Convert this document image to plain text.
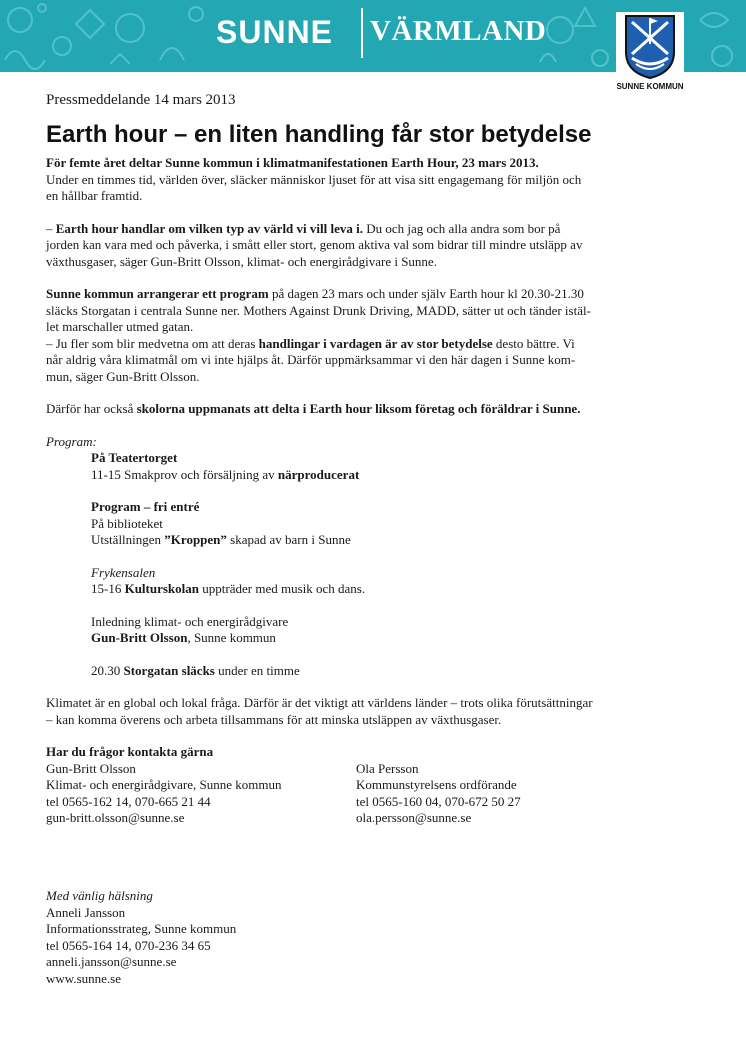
SUNNE VÄRMLAND
SUNNE KOMMUN
Pressmeddelande 14 mars 2013
Earth hour – en liten handling får stor betydelse

För femte året deltar Sunne kommun i klimatmanifestationen Earth Hour, 23 mars 2013.
Under en timmes tid, världen över, släcker människor ljuset för att visa sitt engagemang för miljön och
en hållbar framtid.

– Earth hour handlar om vilken typ av värld vi vill leva i. Du och jag och alla andra som bor på
jorden kan vara med och påverka, i smått eller stort, genom aktiva val som bidrar till mindre utsläpp av
växthusgaser, säger Gun-Britt Olsson, klimat- och energirådgivare i Sunne.

Sunne kommun arrangerar ett program på dagen 23 mars och under själv Earth hour kl 20.30-21.30
släcks Storgatan i centrala Sunne ner. Mothers Against Drunk Driving, MADD, sätter ut och tänder istäl-
let marschaller utmed gatan.
– Ju fler som blir medvetna om att deras handlingar i vardagen är av stor betydelse desto bättre. Vi
når aldrig våra klimatmål om vi inte hjälps åt. Därför uppmärksammar vi den här dagen i Sunne kom-
mun, säger Gun-Britt Olsson.

Därför har också skolorna uppmanats att delta i Earth hour liksom företag och föräldrar i Sunne.

Program:
På Teatertorget
11-15 Smakprov och försäljning av närproducerat
Program – fri entré
På biblioteket
Utställningen ”Kroppen” skapad av barn i Sunne
Frykensalen
15-16 Kulturskolan uppträder med musik och dans.
Inledning klimat- och energirådgivare
Gun-Britt Olsson, Sunne kommun
20.30 Storgatan släcks under en timme

Klimatet är en global och lokal fråga. Därför är det viktigt att världens länder – trots olika förutsättningar
– kan komma överens och arbeta tillsammans för att minska utsläppen av växthusgaser.

Har du frågor kontakta gärna
Gun-Britt Olsson
Klimat- och energirådgivare, Sunne kommun
tel 0565-162 14, 070-665 21 44
gun-britt.olsson@sunne.se
Ola Persson
Kommunstyrelsens ordförande
tel 0565-160 04, 070-672 50 27
ola.persson@sunne.se
Med vänlig hälsning
Anneli Jansson
Informationsstrateg, Sunne kommun
tel 0565-164 14, 070-236 34 65
anneli.jansson@sunne.se
www.sunne.se
